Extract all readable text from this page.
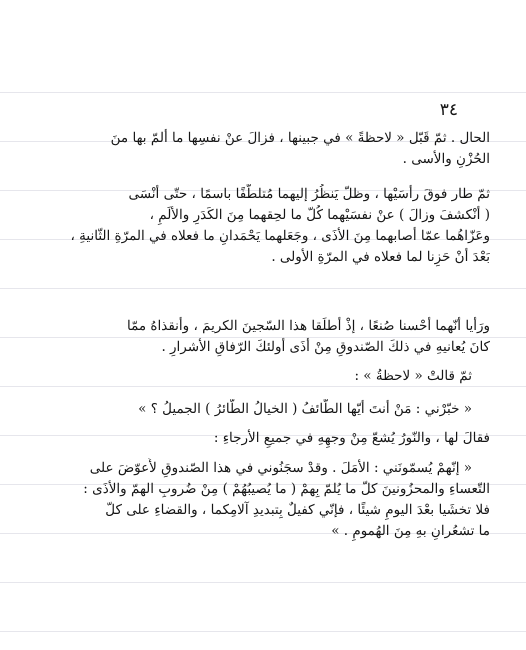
٣٤
الحال . ثمّ قَبّل « لاحظةً » في جبينها ، فزالَ عنْ نفسِها ما ألمّ بها منَ
الحُزْنِ والأسى .
ثمّ طار فوقَ رأسَيْها ، وظلّ يَنظُرُ إليهما مُتلطّفًا باسمًا ، حتّى أنْسَى
( أنْكشفَ وزالَ ) عنْ نفسَيْهما كُلّ ما لحِقهما مِنَ الكَدَرِ والألَمِ ،
وعَزّاهُما عمّا أصابهما مِنَ الأذَى ، وجَعَلهما يَحْمَدانِ ما فعلاه في المرّةِ الثّانيةِ ،
بَعْدَ أنْ حَزِنا لما فعلاه في المرّةِ الأولى .
ورَأيا أنّهما أحْسنا صُنعًا ، إذْ أطلَقا هذا السّجينَ الكريمَ ، وأنقذاهُ ممّا
كانَ يُعانيهِ في ذلكَ الصّندوقِ مِنْ أذَى أولئكَ الرّفاقِ الأشرارِ .
ثمّ قالتْ « لاحظةُ » :
« خبّرْني : مَنْ أنتَ أيّها الطّائفُ ( الخيالُ الطّائرُ ) الجميلُ ؟ »
فقالَ لها ، والنّورُ يُشعّ مِنْ وجهِهِ في جميعِ الأرجاءِ :
« إنّهمْ يُسمّونَني : الأمَلَ . وقدْ سجَنُوني في هذا الصّندوقِ لأُعوّضَ على
التّعساءِ والمحزُونينَ كلّ ما يُلمّ بِهمْ ( ما يُصيبُهُمْ ) مِنْ ضُروبِ الهمّ والأذَى :
فلا تخشَيا بعْدَ اليومِ شيئًا ، فإنّي كفيلٌ بِتبديدِ آلامِكما ، والقضاءِ على كلّ
ما تشعُرانِ بهِ مِنَ الهُمومِ . »
